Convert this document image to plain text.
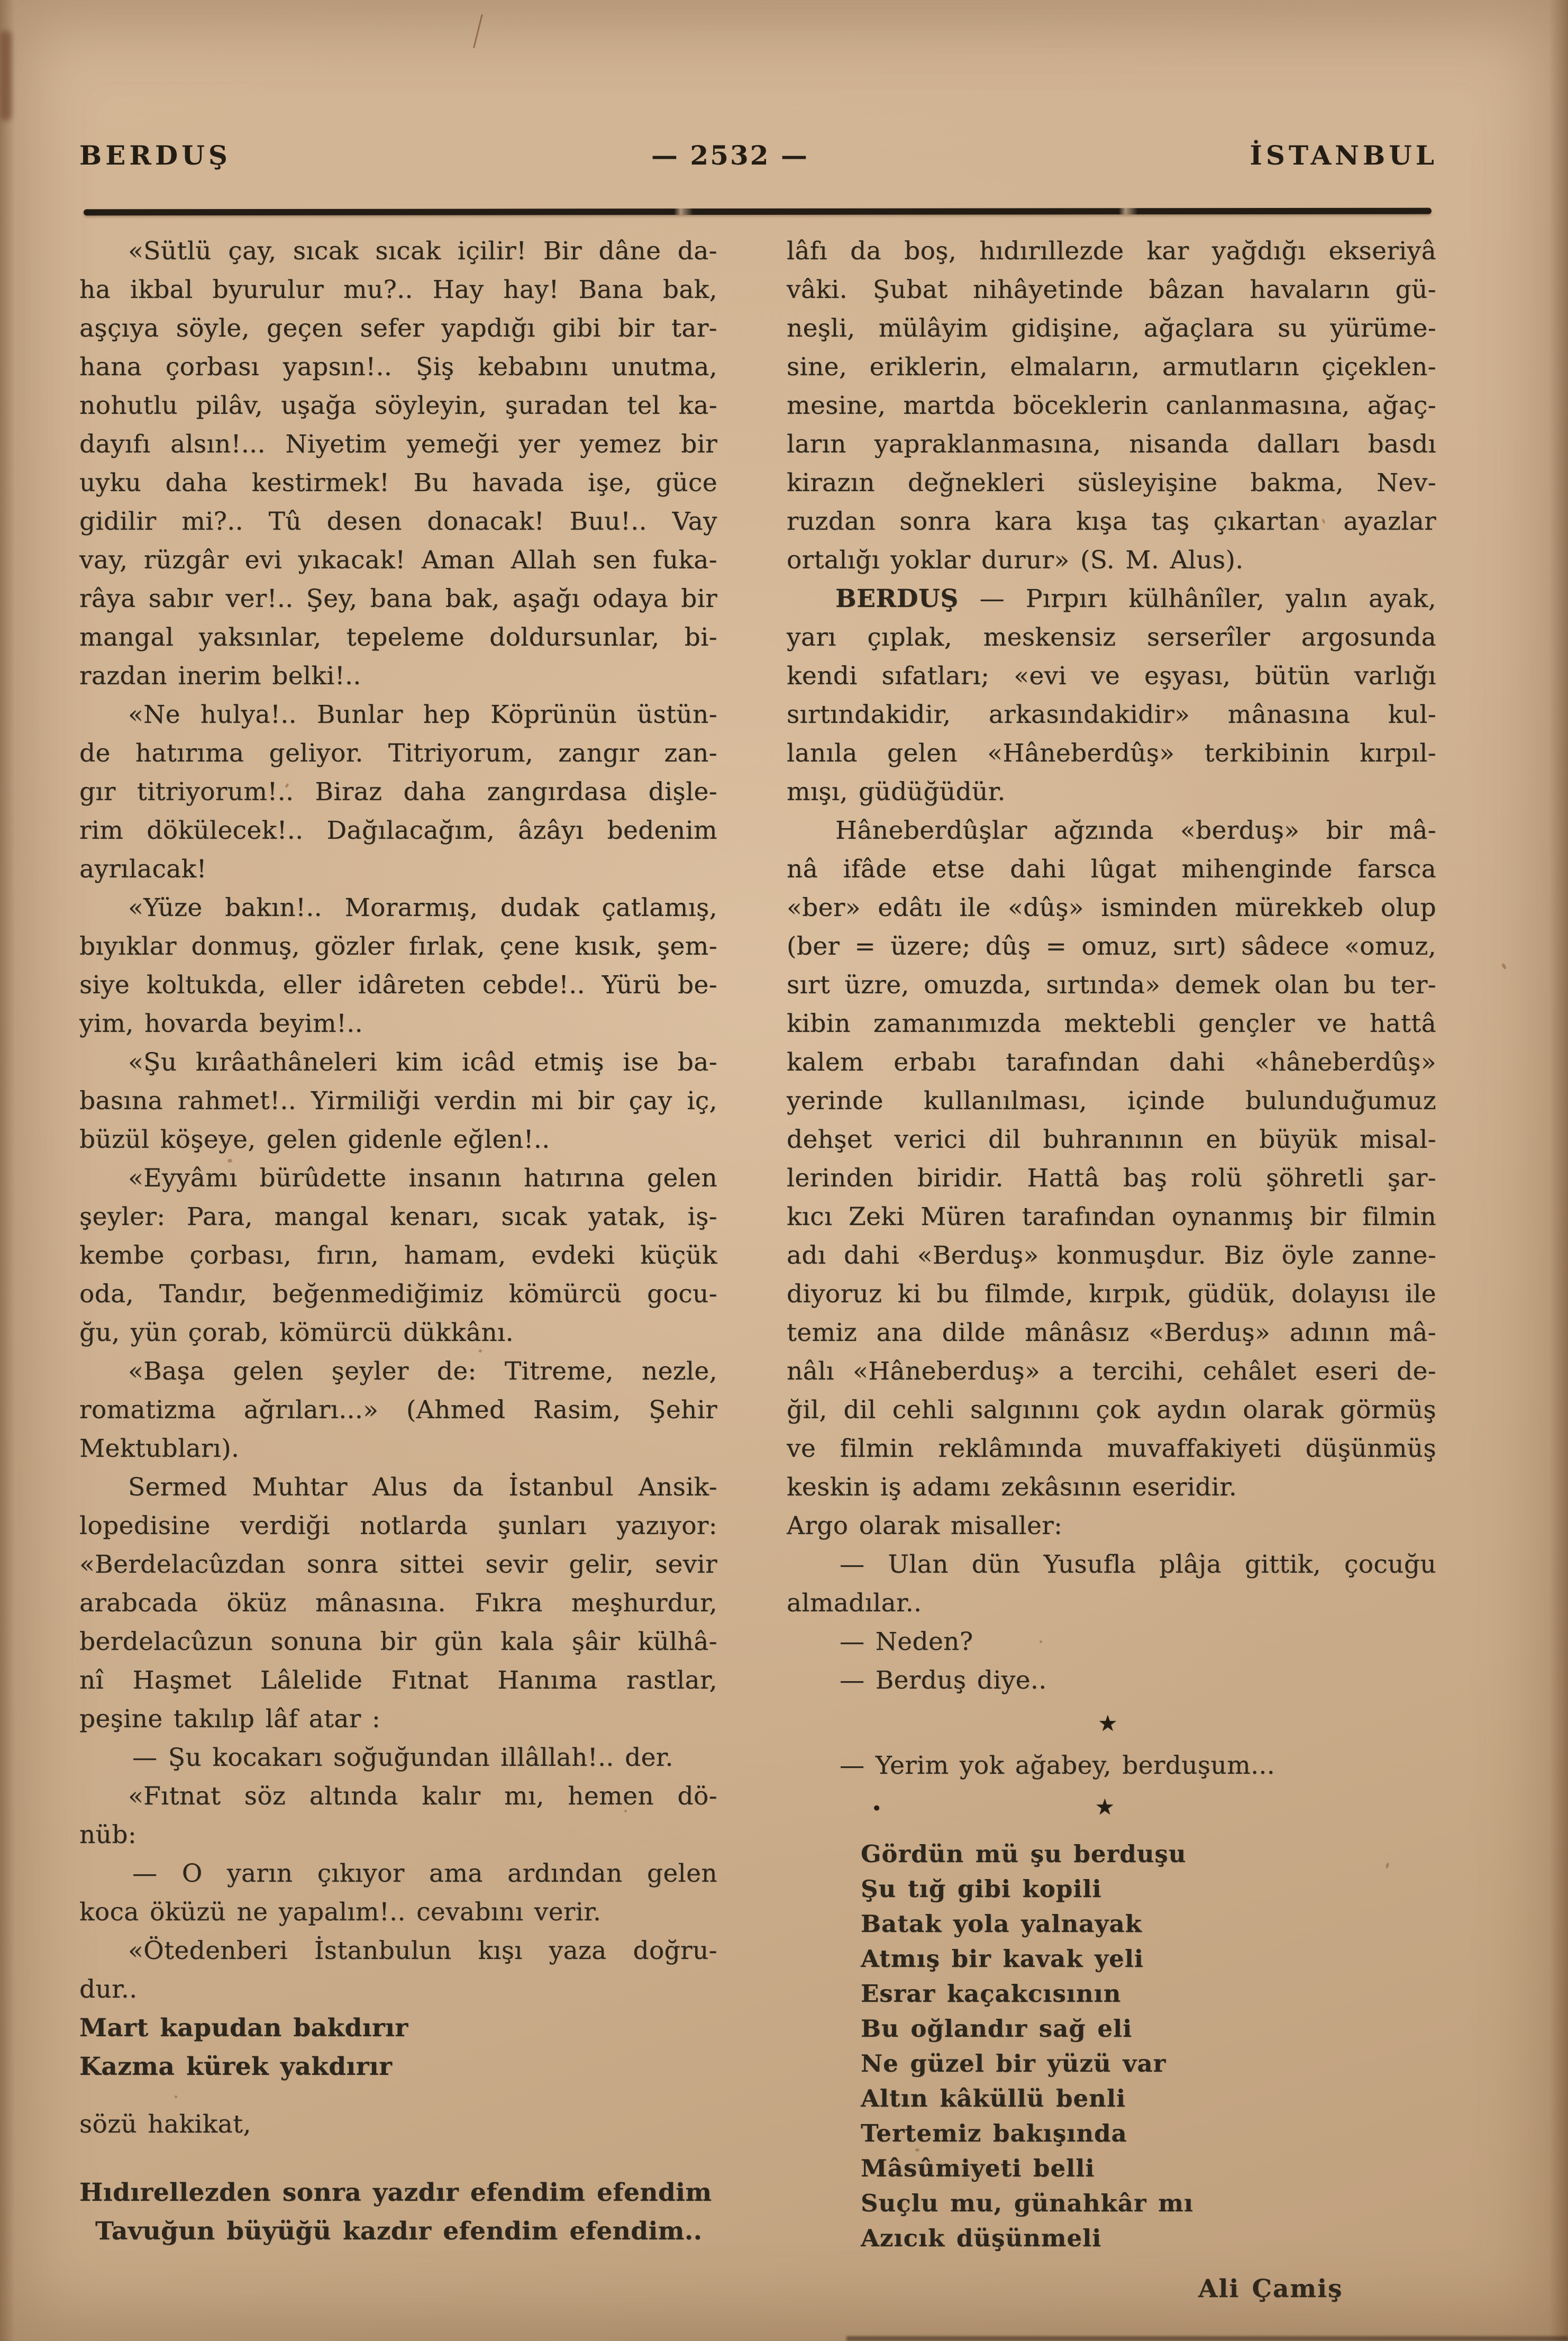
BERDUŞ	— 2532 —	İSTANBUL
«Sütlü çay, sıcak sıcak içilir! Bir dâne da-
ha ikbal byurulur mu?.. Hay hay! Bana bak,
aşçıya söyle, geçen sefer yapdığı gibi bir tar-
hana çorbası yapsın!.. Şiş kebabını unutma,
nohutlu pilâv, uşağa söyleyin, şuradan tel ka-
dayıfı alsın!... Niyetim yemeği yer yemez bir
uyku daha kestirmek! Bu havada işe, güce
gidilir mi?.. Tû desen donacak! Buu!.. Vay
vay, rüzgâr evi yıkacak! Aman Allah sen fuka-
râya sabır ver!.. Şey, bana bak, aşağı odaya bir
mangal yaksınlar, tepeleme doldursunlar, bi-
razdan inerim belki!..
«Ne hulya!.. Bunlar hep Köprünün üstün-
de hatırıma geliyor. Titriyorum, zangır zan-
gır titriyorum!.. Biraz daha zangırdasa dişle-
rim dökülecek!.. Dağılacağım, âzâyı bedenim
ayrılacak!
«Yüze bakın!.. Morarmış, dudak çatlamış,
bıyıklar donmuş, gözler fırlak, çene kısık, şem-
siye koltukda, eller idâreten cebde!.. Yürü be-
yim, hovarda beyim!..
«Şu kırâathâneleri kim icâd etmiş ise ba-
basına rahmet!.. Yirmiliği verdin mi bir çay iç,
büzül köşeye, gelen gidenle eğlen!..
«Eyyâmı bürûdette insanın hatırına gelen
şeyler: Para, mangal kenarı, sıcak yatak, iş-
kembe çorbası, fırın, hamam, evdeki küçük
oda, Tandır, beğenmediğimiz kömürcü gocu-
ğu, yün çorab, kömürcü dükkânı.
«Başa gelen şeyler de: Titreme, nezle,
romatizma ağrıları...» (Ahmed Rasim, Şehir
Mektubları).
Sermed Muhtar Alus da İstanbul Ansik-
lopedisine verdiği notlarda şunları yazıyor:
«Berdelacûzdan sonra sittei sevir gelir, sevir
arabcada öküz mânasına. Fıkra meşhurdur,
berdelacûzun sonuna bir gün kala şâir külhâ-
nî Haşmet Lâlelide Fıtnat Hanıma rastlar,
peşine takılıp lâf atar :
— Şu kocakarı soğuğundan illâllah!.. der.
«Fıtnat söz altında kalır mı, hemen dö-
nüb:
— O yarın çıkıyor ama ardından gelen
koca öküzü ne yapalım!.. cevabını verir.
«Ötedenberi İstanbulun kışı yaza doğru-
dur..
Mart kapudan bakdırır
Kazma kürek yakdırır
sözü hakikat,
Hıdırellezden sonra yazdır efendim efendim
Tavuğun büyüğü kazdır efendim efendim..
lâfı da boş, hıdırıllezde kar yağdığı ekseriyâ
vâki. Şubat nihâyetinde bâzan havaların gü-
neşli, mülâyim gidişine, ağaçlara su yürüme-
sine, eriklerin, elmaların, armutların çiçeklen-
mesine, martda böceklerin canlanmasına, ağaç-
ların yapraklanmasına, nisanda dalları basdı
kirazın değnekleri süsleyişine bakma, Nev-
ruzdan sonra kara kışa taş çıkartan ayazlar
ortalığı yoklar durur» (S. M. Alus).
BERDUŞ — Pırpırı külhânîler, yalın ayak,
yarı çıplak, meskensiz serserîler argosunda
kendi sıfatları; «evi ve eşyası, bütün varlığı
sırtındakidir, arkasındakidir» mânasına kul-
lanıla gelen «Hâneberdûş» terkibinin kırpıl-
mışı, güdüğüdür.
Hâneberdûşlar ağzında «berduş» bir mâ-
nâ ifâde etse dahi lûgat mihenginde farsca
«ber» edâtı ile «dûş» isminden mürekkeb olup
(ber = üzere; dûş = omuz, sırt) sâdece «omuz,
sırt üzre, omuzda, sırtında» demek olan bu ter-
kibin zamanımızda mektebli gençler ve hattâ
kalem erbabı tarafından dahi «hâneberdûş»
yerinde kullanılması, içinde bulunduğumuz
dehşet verici dil buhranının en büyük misal-
lerinden biridir. Hattâ baş rolü şöhretli şar-
kıcı Zeki Müren tarafından oynanmış bir filmin
adı dahi «Berduş» konmuşdur. Biz öyle zanne-
diyoruz ki bu filmde, kırpık, güdük, dolayısı ile
temiz ana dilde mânâsız «Berduş» adının mâ-
nâlı «Hâneberduş» a tercihi, cehâlet eseri de-
ğil, dil cehli salgınını çok aydın olarak görmüş
ve filmin reklâmında muvaffakiyeti düşünmüş
keskin iş adamı zekâsının eseridir.
Argo olarak misaller:
— Ulan dün Yusufla plâja gittik, çocuğu
almadılar..
— Neden?
— Berduş diye..
★
— Yerim yok ağabey, berduşum...
•	★
Gördün mü şu berduşu
Şu tığ gibi kopili
Batak yola yalnayak
Atmış bir kavak yeli
Esrar kaçakcısının
Bu oğlandır sağ eli
Ne güzel bir yüzü var
Altın kâküllü benli
Tertemiz bakışında
Mâsûmiyeti belli
Suçlu mu, günahkâr mı
Azıcık düşünmeli
Ali Çamiş
